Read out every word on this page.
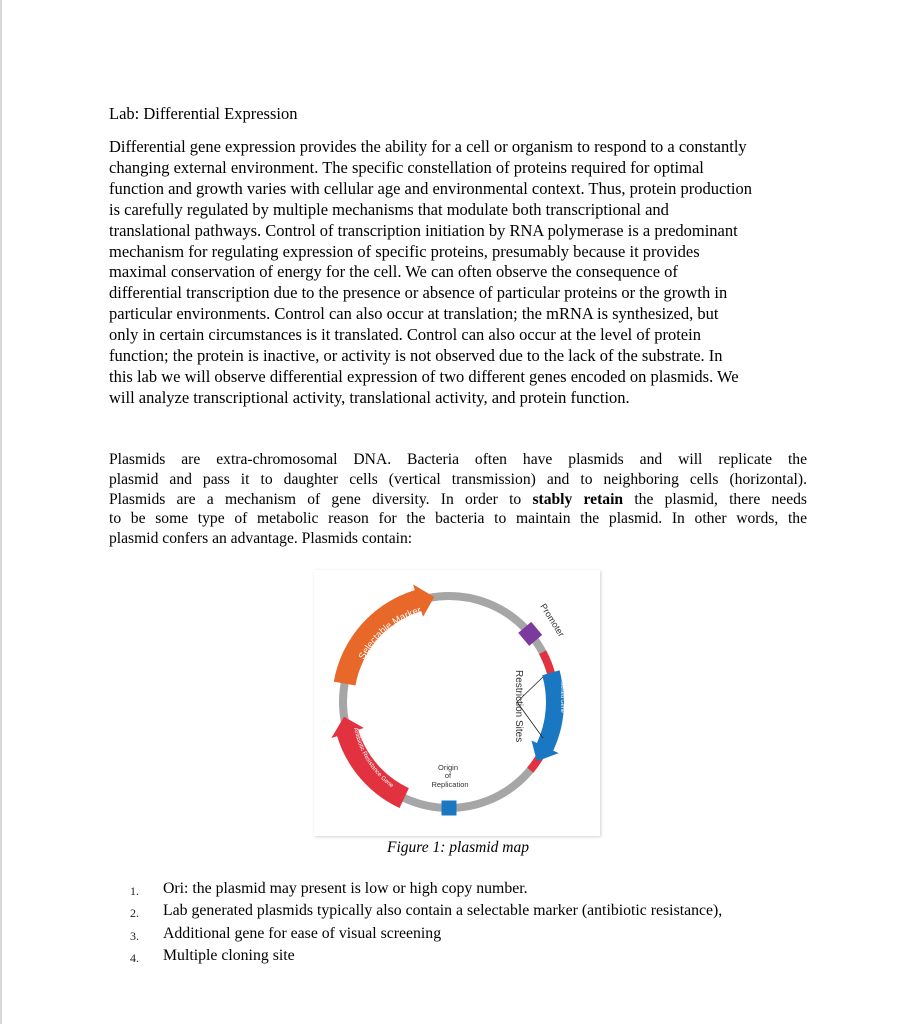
Lab: Differential Expression
Differential gene expression provides the ability for a cell or organism to respond to a constantly
changing external environment. The specific constellation of proteins required for optimal
function and growth varies with cellular age and environmental context. Thus, protein production
is carefully regulated by multiple mechanisms that modulate both transcriptional and
translational pathways. Control of transcription initiation by RNA polymerase is a predominant
mechanism for regulating expression of specific proteins, presumably because it provides
maximal conservation of energy for the cell. We can often observe the consequence of
differential transcription due to the presence or absence of particular proteins or the growth in
particular environments. Control can also occur at translation; the mRNA is synthesized, but
only in certain circumstances is it translated. Control can also occur at the level of protein
function; the protein is inactive, or activity is not observed due to the lack of the substrate. In
this lab we will observe differential expression of two different genes encoded on plasmids. We
will analyze transcriptional activity, translational activity, and protein function.
Plasmids are extra-chromosomal DNA. Bacteria often have plasmids and will replicate the
plasmid and pass it to daughter cells (vertical transmission) and to neighboring cells (horizontal).
Plasmids are a mechanism of gene diversity. In order to stably retain the plasmid, there needs
to be some type of metabolic reason for the bacteria to maintain the plasmid. In other words, the
plasmid confers an advantage. Plasmids contain:
Selectable Marker
Antibiotic Resistance Gene
Promoter
Restriction Sites	Inserted Gene
Origin
of
Replication
Figure 1: plasmid map
1.	Ori: the plasmid may present is low or high copy number.
2.	Lab generated plasmids typically also contain a selectable marker (antibiotic resistance),
3.	Additional gene for ease of visual screening
4.	Multiple cloning site
